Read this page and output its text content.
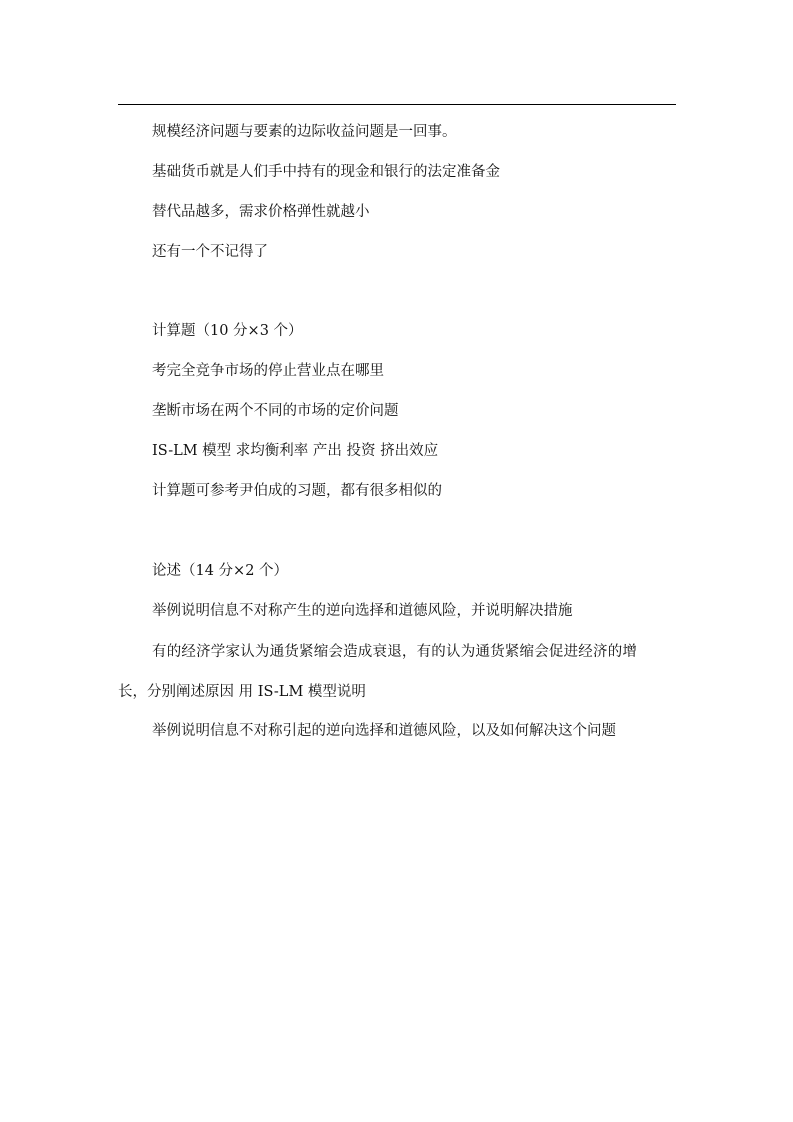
规模经济问题与要素的边际收益问题是一回事。
基础货币就是人们手中持有的现金和银行的法定准备金
替代品越多，需求价格弹性就越小
还有一个不记得了
计算题（10 分×3 个）
考完全竞争市场的停止营业点在哪里
垄断市场在两个不同的市场的定价问题
IS-LM 模型 求均衡利率 产出 投资 挤出效应
计算题可参考尹伯成的习题，都有很多相似的
论述（14 分×2 个）
举例说明信息不对称产生的逆向选择和道德风险，并说明解决措施
有的经济学家认为通货紧缩会造成衰退，有的认为通货紧缩会促进经济的增
长，分别阐述原因 用 IS-LM 模型说明
举例说明信息不对称引起的逆向选择和道德风险，以及如何解决这个问题
